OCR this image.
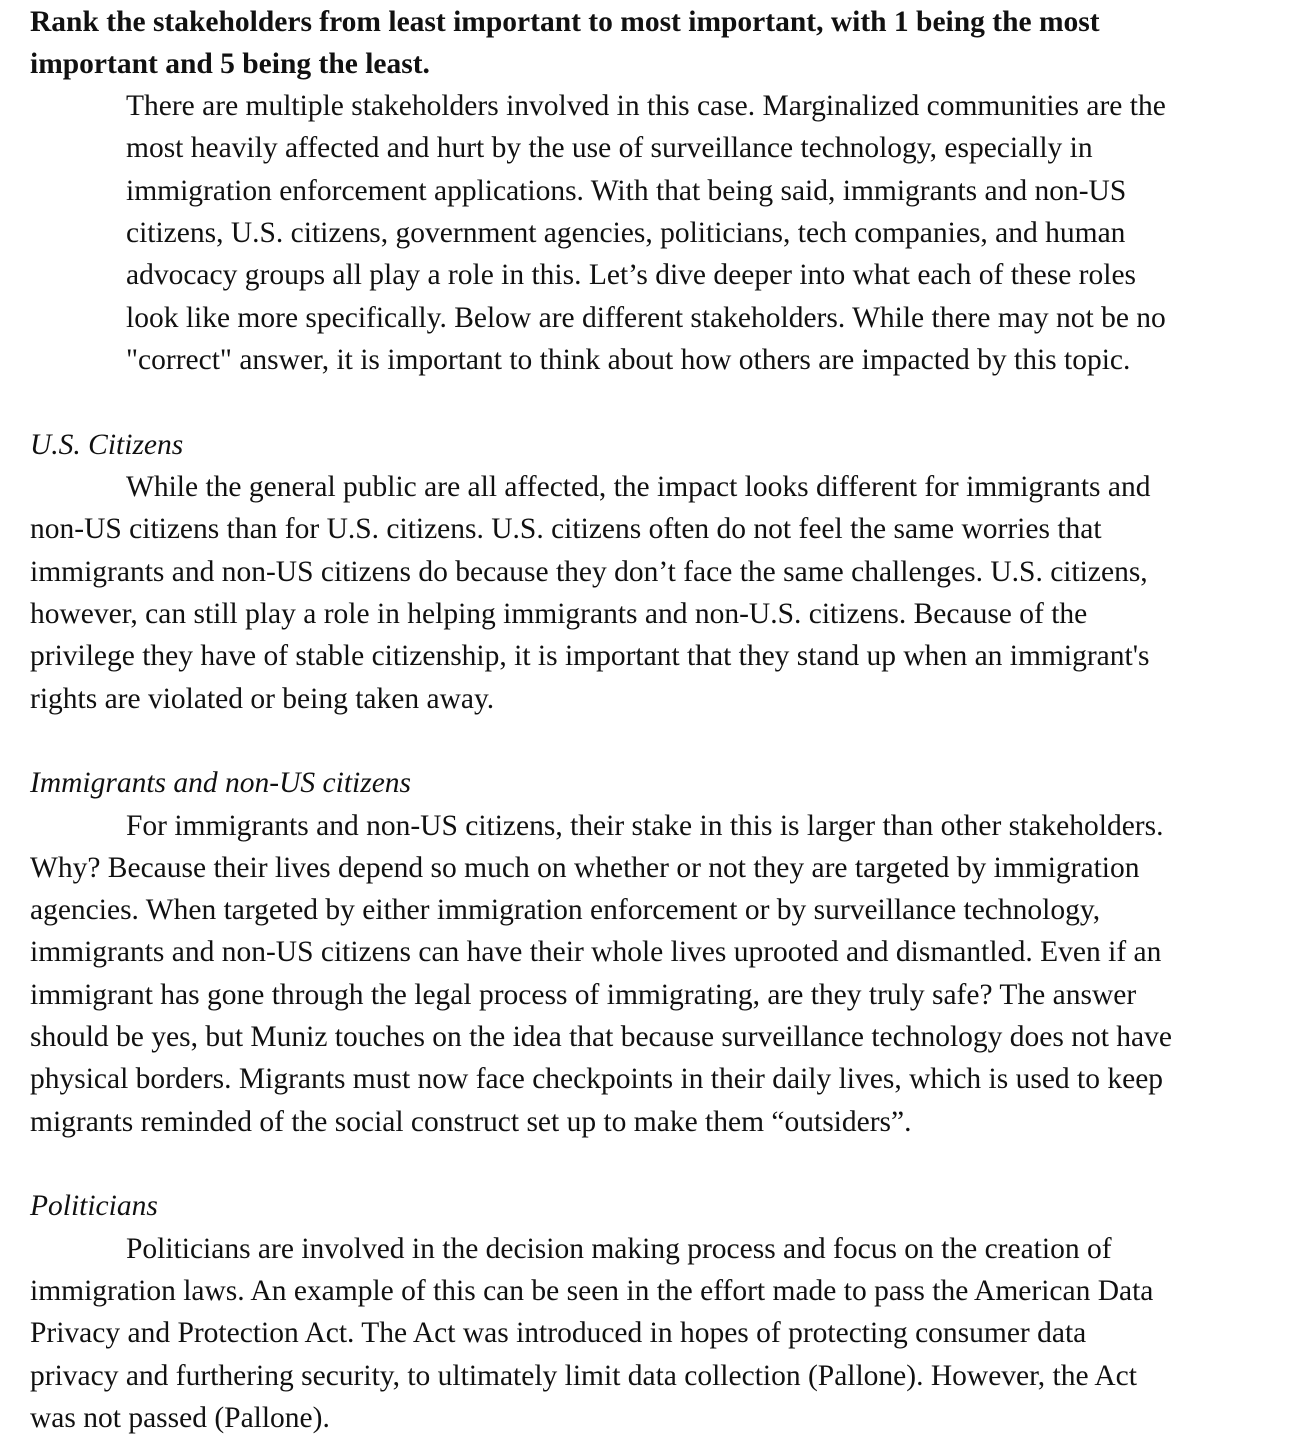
Rank the stakeholders from least important to most important, with 1 being the most
important and 5 being the least.
There are multiple stakeholders involved in this case. Marginalized communities are the
most heavily affected and hurt by the use of surveillance technology, especially in
immigration enforcement applications. With that being said, immigrants and non-US
citizens, U.S. citizens, government agencies, politicians, tech companies, and human
advocacy groups all play a role in this. Let’s dive deeper into what each of these roles
look like more specifically. Below are different stakeholders. While there may not be no
"correct" answer, it is important to think about how others are impacted by this topic.
U.S. Citizens
While the general public are all affected, the impact looks different for immigrants and
non-US citizens than for U.S. citizens. U.S. citizens often do not feel the same worries that
immigrants and non-US citizens do because they don’t face the same challenges. U.S. citizens,
however, can still play a role in helping immigrants and non-U.S. citizens. Because of the
privilege they have of stable citizenship, it is important that they stand up when an immigrant's
rights are violated or being taken away.
Immigrants and non-US citizens
For immigrants and non-US citizens, their stake in this is larger than other stakeholders.
Why? Because their lives depend so much on whether or not they are targeted by immigration
agencies. When targeted by either immigration enforcement or by surveillance technology,
immigrants and non-US citizens can have their whole lives uprooted and dismantled. Even if an
immigrant has gone through the legal process of immigrating, are they truly safe? The answer
should be yes, but Muniz touches on the idea that because surveillance technology does not have
physical borders. Migrants must now face checkpoints in their daily lives, which is used to keep
migrants reminded of the social construct set up to make them “outsiders”.
Politicians
Politicians are involved in the decision making process and focus on the creation of
immigration laws. An example of this can be seen in the effort made to pass the American Data
Privacy and Protection Act. The Act was introduced in hopes of protecting consumer data
privacy and furthering security, to ultimately limit data collection (Pallone). However, the Act
was not passed (Pallone).
